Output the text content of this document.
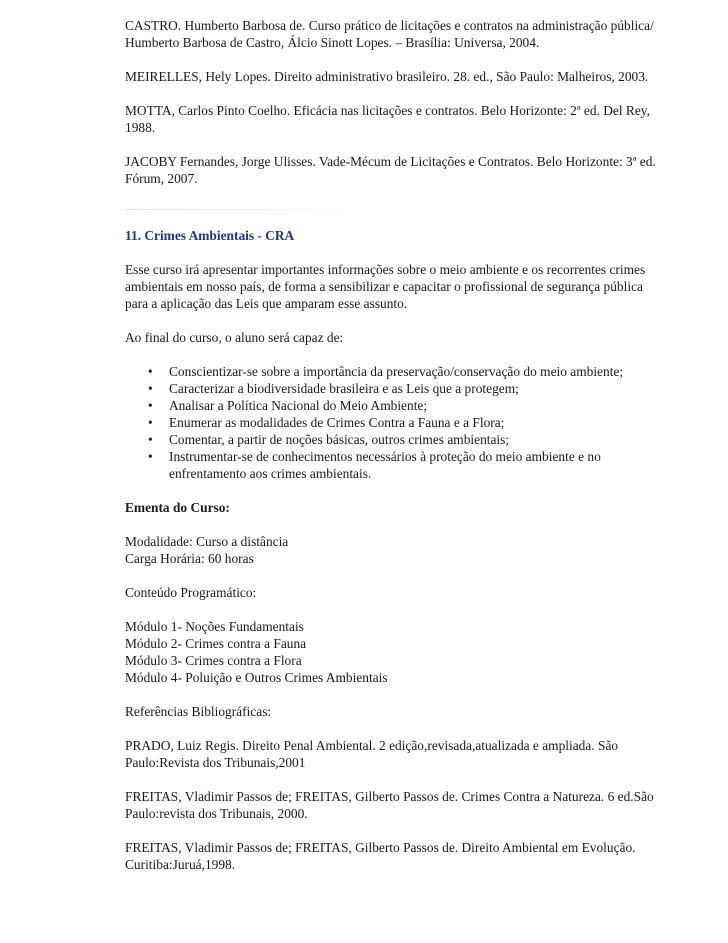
CASTRO. Humberto Barbosa de. Curso prático de licitações e contratos na administração pública/ Humberto Barbosa de Castro, Álcio Sinott Lopes. – Brasília: Universa, 2004.

MEIRELLES, Hely Lopes. Direito administrativo brasileiro. 28. ed., São Paulo: Malheiros, 2003.

MOTTA, Carlos Pinto Coelho. Eficácia nas licitações e contratos. Belo Horizonte: 2ª ed. Del Rey, 1988.

JACOBY Fernandes, Jorge Ulisses. Vade-Mécum de Licitações e Contratos. Belo Horizonte: 3ª ed. Fórum, 2007.

11. Crimes Ambientais - CRA

Esse curso irá apresentar importantes informações sobre o meio ambiente e os recorrentes crimes ambientais em nosso país, de forma a sensibilizar e capacitar o profissional de segurança pública para a aplicação das Leis que amparam esse assunto.

Ao final do curso, o aluno será capaz de:

• Conscientizar-se sobre a importância da preservação/conservação do meio ambiente;
• Caracterizar a biodiversidade brasileira e as Leis que a protegem;
• Analisar a Política Nacional do Meio Ambiente;
• Enumerar as modalidades de Crimes Contra a Fauna e a Flora;
• Comentar, a partir de noções básicas, outros crimes ambientais;
• Instrumentar-se de conhecimentos necessários à proteção do meio ambiente e no enfrentamento aos crimes ambientais.
Ementa do Curso:
Modalidade: Curso a distância
Carga Horária: 60 horas

Conteúdo Programático:

Módulo 1- Noções Fundamentais
Módulo 2- Crimes contra a Fauna
Módulo 3- Crimes contra a Flora
Módulo 4- Poluição e Outros Crimes Ambientais

Referências Bibliográficas:

PRADO, Luiz Regis. Direito Penal Ambiental. 2 edição,revisada,atualizada e ampliada. São Paulo:Revista dos Tribunais,2001

FREITAS, Vladimir Passos de; FREITAS, Gilberto Passos de. Crimes Contra a Natureza. 6 ed.São Paulo:revista dos Tribunais, 2000.

FREITAS, Vladimir Passos de; FREITAS, Gilberto Passos de. Direito Ambiental em Evolução. Curitiba:Juruá,1998.
